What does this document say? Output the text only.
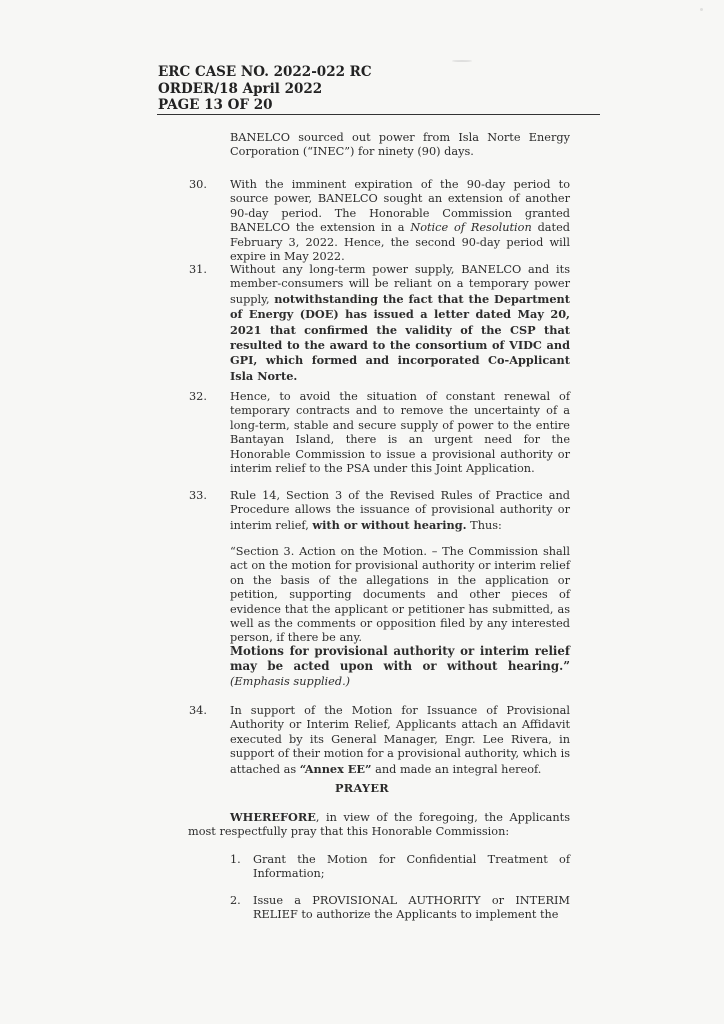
ERC CASE NO. 2022-022 RC
ORDER/18 April 2022
PAGE 13 OF 20
BANELCO sourced out power from Isla Norte Energy Corporation (“INEC”) for ninety (90) days.
30. With the imminent expiration of the 90-day period to source power, BANELCO sought an extension of another 90-day period. The Honorable Commission granted BANELCO the extension in a Notice of Resolution dated February 3, 2022. Hence, the second 90-day period will expire in May 2022.
31. Without any long-term power supply, BANELCO and its member-consumers will be reliant on a temporary power supply, notwithstanding the fact that the Department of Energy (DOE) has issued a letter dated May 20, 2021 that confirmed the validity of the CSP that resulted to the award to the consortium of VIDC and GPI, which formed and incorporated Co-Applicant Isla Norte.
32. Hence, to avoid the situation of constant renewal of temporary contracts and to remove the uncertainty of a long-term, stable and secure supply of power to the entire Bantayan Island, there is an urgent need for the Honorable Commission to issue a provisional authority or interim relief to the PSA under this Joint Application.
33. Rule 14, Section 3 of the Revised Rules of Practice and Procedure allows the issuance of provisional authority or interim relief, with or without hearing. Thus:
“Section 3. Action on the Motion. – The Commission shall act on the motion for provisional authority or interim relief on the basis of the allegations in the application or petition, supporting documents and other pieces of evidence that the applicant or petitioner has submitted, as well as the comments or opposition filed by any interested person, if there be any.
Motions for provisional authority or interim relief may be acted upon with or without hearing.” (Emphasis supplied.)
34. In support of the Motion for Issuance of Provisional Authority or Interim Relief, Applicants attach an Affidavit executed by its General Manager, Engr. Lee Rivera, in support of their motion for a provisional authority, which is attached as “Annex EE” and made an integral hereof.
PRAYER
WHEREFORE, in view of the foregoing, the Applicants most respectfully pray that this Honorable Commission:
1. Grant the Motion for Confidential Treatment of Information;
2. Issue a PROVISIONAL AUTHORITY or INTERIM RELIEF to authorize the Applicants to implement the
